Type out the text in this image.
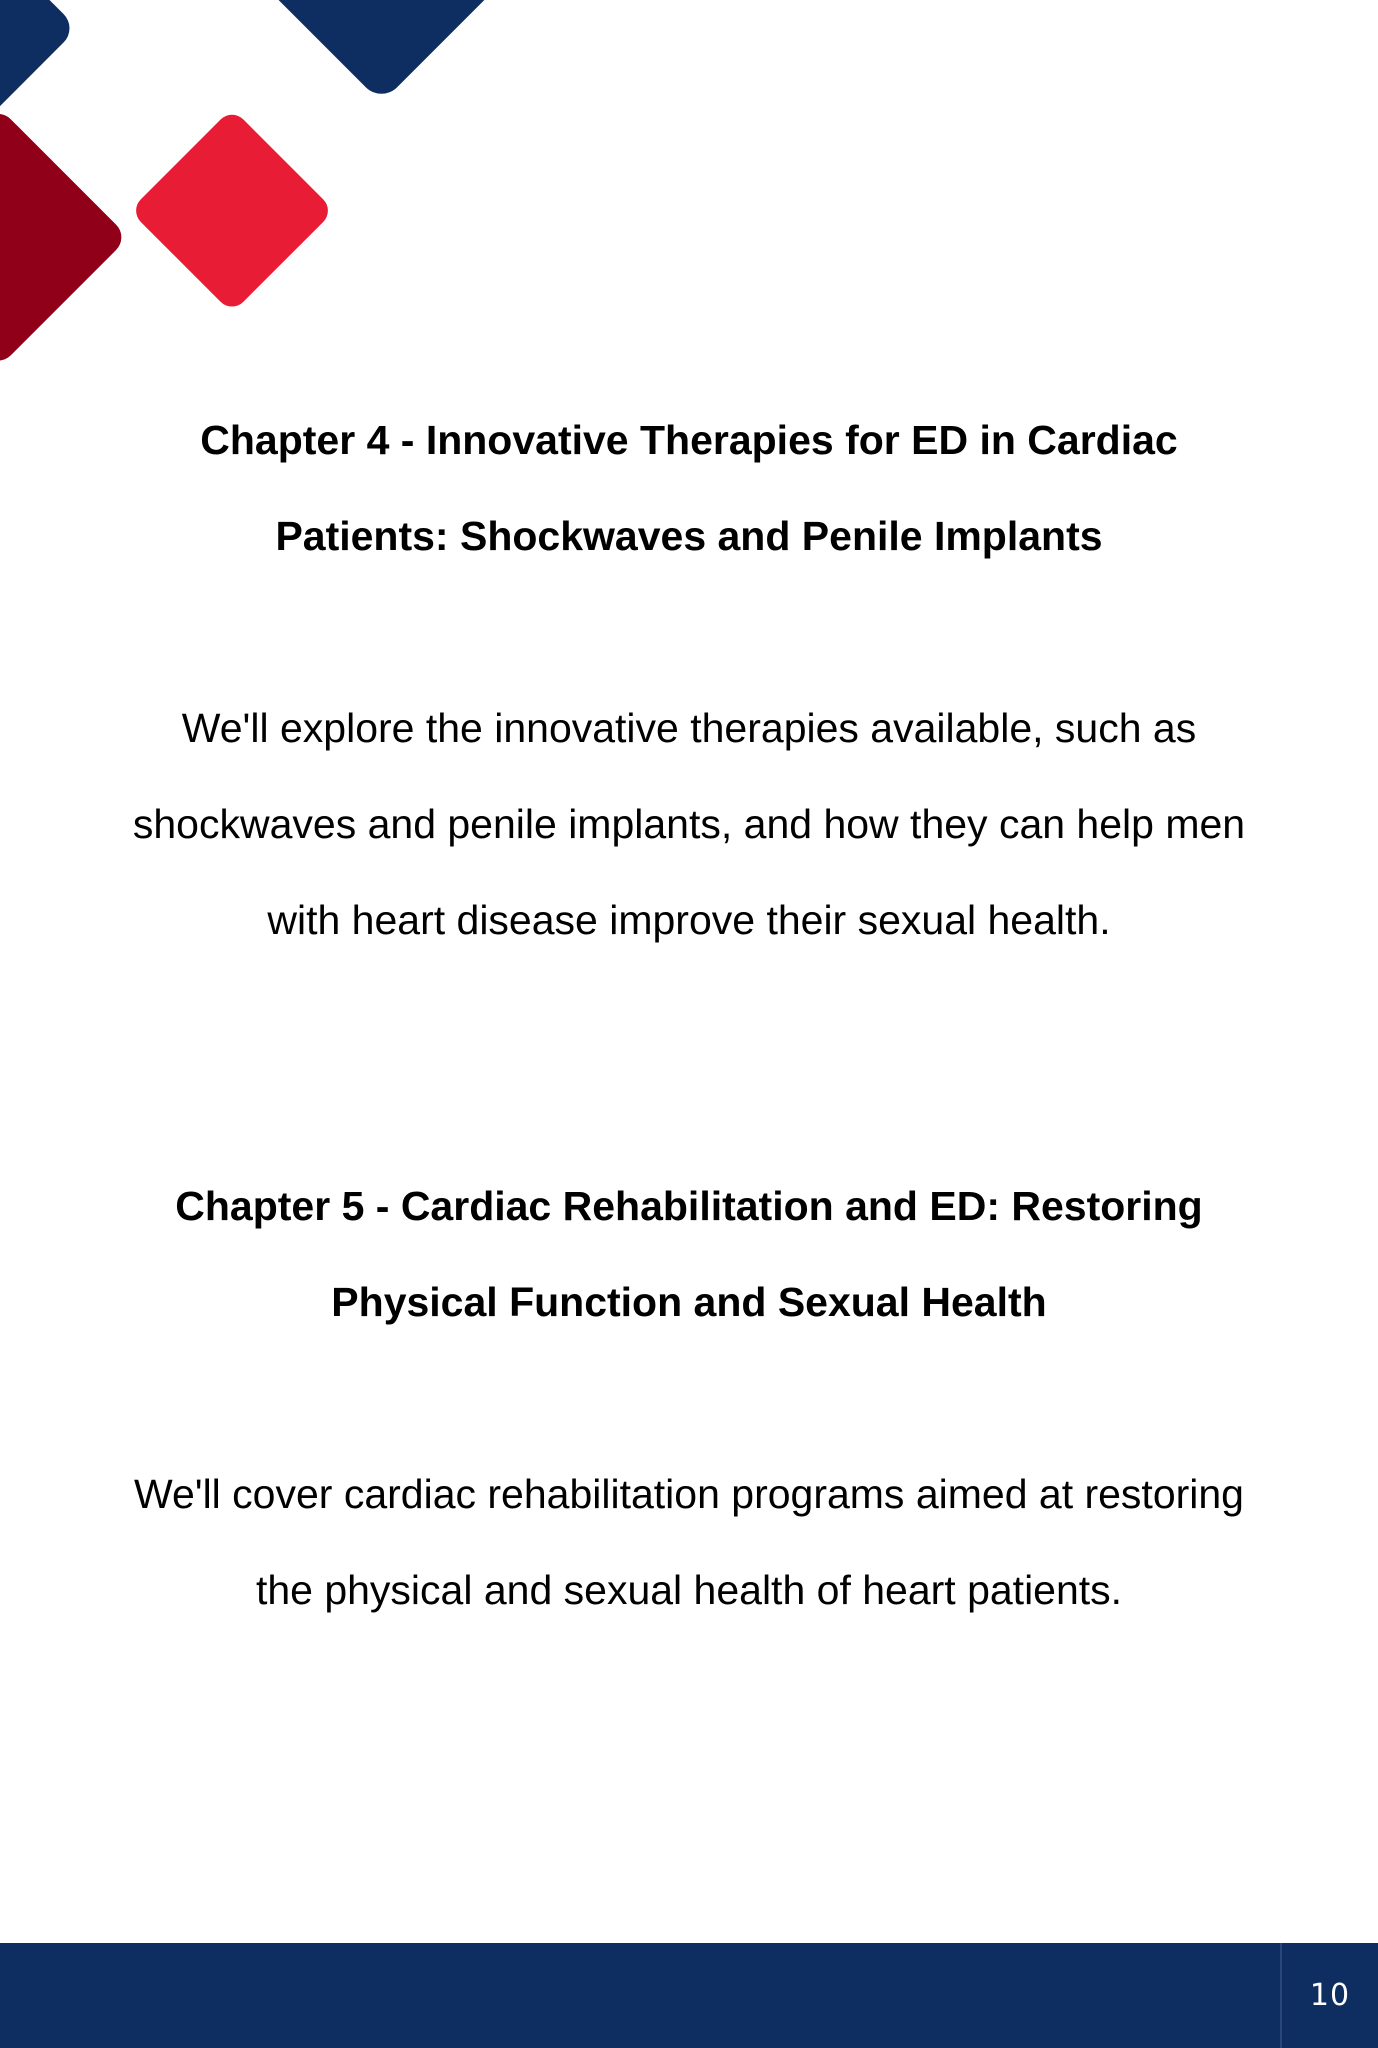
Chapter 4 - Innovative Therapies for ED in Cardiac Patients: Shockwaves and Penile Implants

We'll explore the innovative therapies available, such as shockwaves and penile implants, and how they can help men with heart disease improve their sexual health.

Chapter 5 - Cardiac Rehabilitation and ED: Restoring Physical Function and Sexual Health

We'll cover cardiac rehabilitation programs aimed at restoring the physical and sexual health of heart patients.

10
